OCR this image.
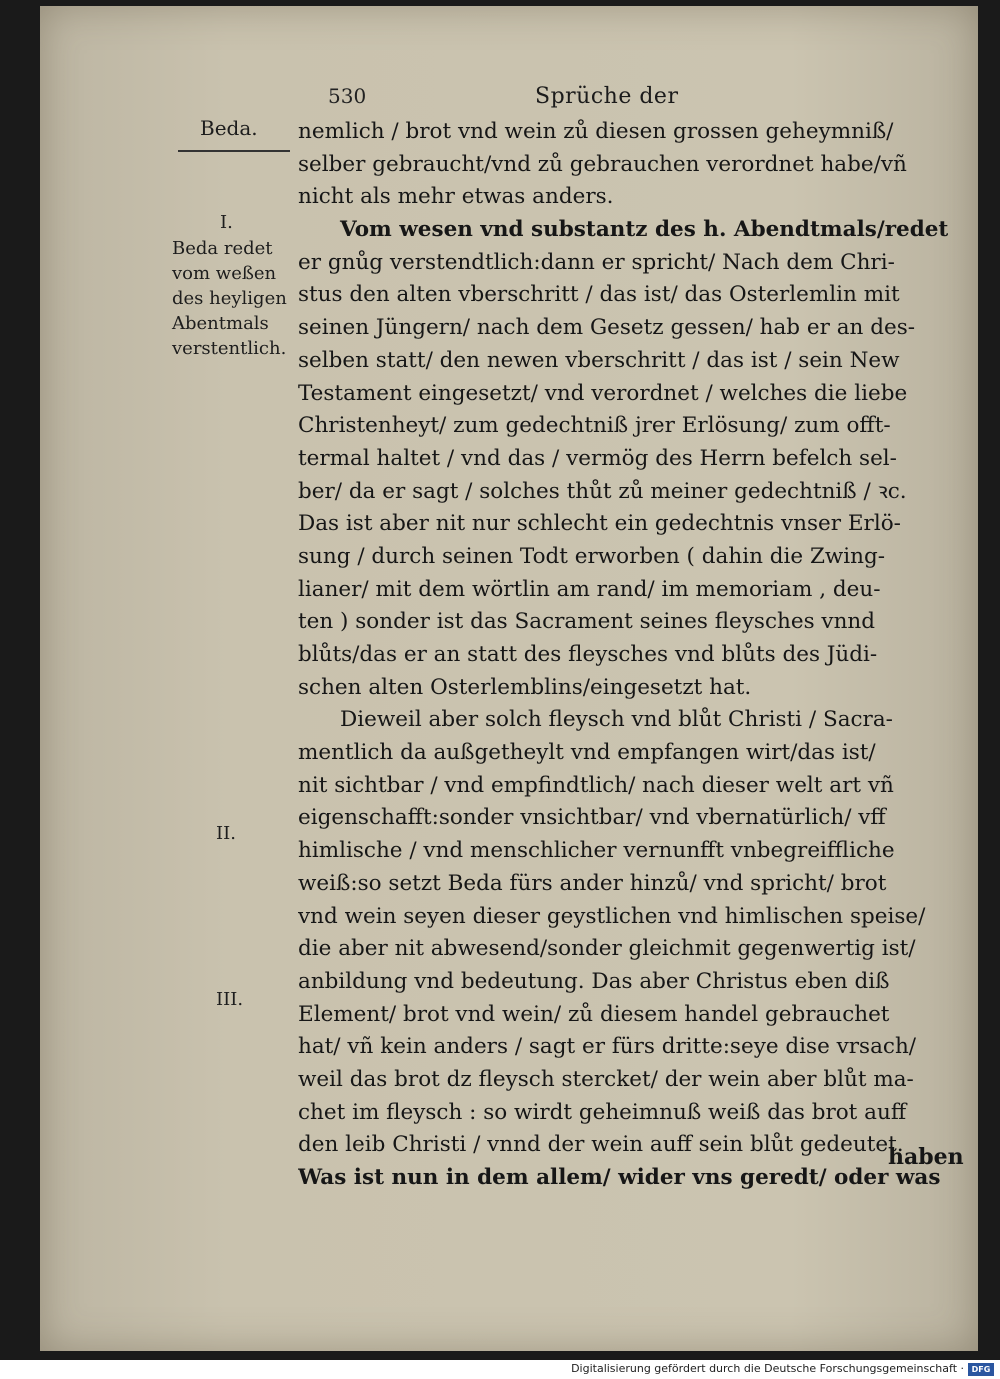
530	Sprüche der
Beda.
I.
Beda redet
vom weßen
des heyligen
Abentmals
verstentlich.
II.
III.
nemlich / brot vnd wein zů diesen grossen geheymniß/
selber gebraucht/vnd zů gebrauchen verordnet habe/vñ
nicht als mehr etwas anders.
Vom wesen vnd substantz des h. Abendtmals/redet
er gnůg verstendtlich:dann er spricht/ Nach dem Chri-
stus den alten vberschritt / das ist/ das Osterlemlin mit
seinen Jüngern/ nach dem Gesetz gessen/ hab er an des-
selben statt/ den newen vberschritt / das ist / sein New
Testament eingesetzt/ vnd verordnet / welches die liebe
Christenheyt/ zum gedechtniß jrer Erlösung/ zum offt-
termal haltet / vnd das / vermög des Herrn befelch sel-
ber/ da er sagt / solches thůt zů meiner gedechtniß / ꝛc.
Das ist aber nit nur schlecht ein gedechtnis vnser Erlö-
sung / durch seinen Todt erworben ( dahin die Zwing-
lianer/ mit dem wörtlin am rand/ im memoriam , deu-
ten ) sonder ist das Sacrament seines fleysches vnnd
blůts/das er an statt des fleysches vnd blůts des Jüdi-
schen alten Osterlemblins/eingesetzt hat.
Dieweil aber solch fleysch vnd blůt Christi / Sacra-
mentlich da außgetheylt vnd empfangen wirt/das ist/
nit sichtbar / vnd empfindtlich/ nach dieser welt art vñ
eigenschafft:sonder vnsichtbar/ vnd vbernatürlich/ vff
himlische / vnd menschlicher vernunfft vnbegreiffliche
weiß:so setzt Beda fürs ander hinzů/ vnd spricht/ brot
vnd wein seyen dieser geystlichen vnd himlischen speise/
die aber nit abwesend/sonder gleichmit gegenwertig ist/
anbildung vnd bedeutung. Das aber Christus eben diß
Element/ brot vnd wein/ zů diesem handel gebrauchet
hat/ vñ kein anders / sagt er fürs dritte:seye dise vrsach/
weil das brot dz fleysch stercket/ der wein aber blůt ma-
chet im fleysch : so wirdt geheimnuß weiß das brot auff
den leib Christi / vnnd der wein auff sein blůt gedeutet.
Was ist nun in dem allem/ wider vns geredt/ oder was
haben
Digitalisierung gefördert durch die Deutsche Forschungsgemeinschaft · DFG
